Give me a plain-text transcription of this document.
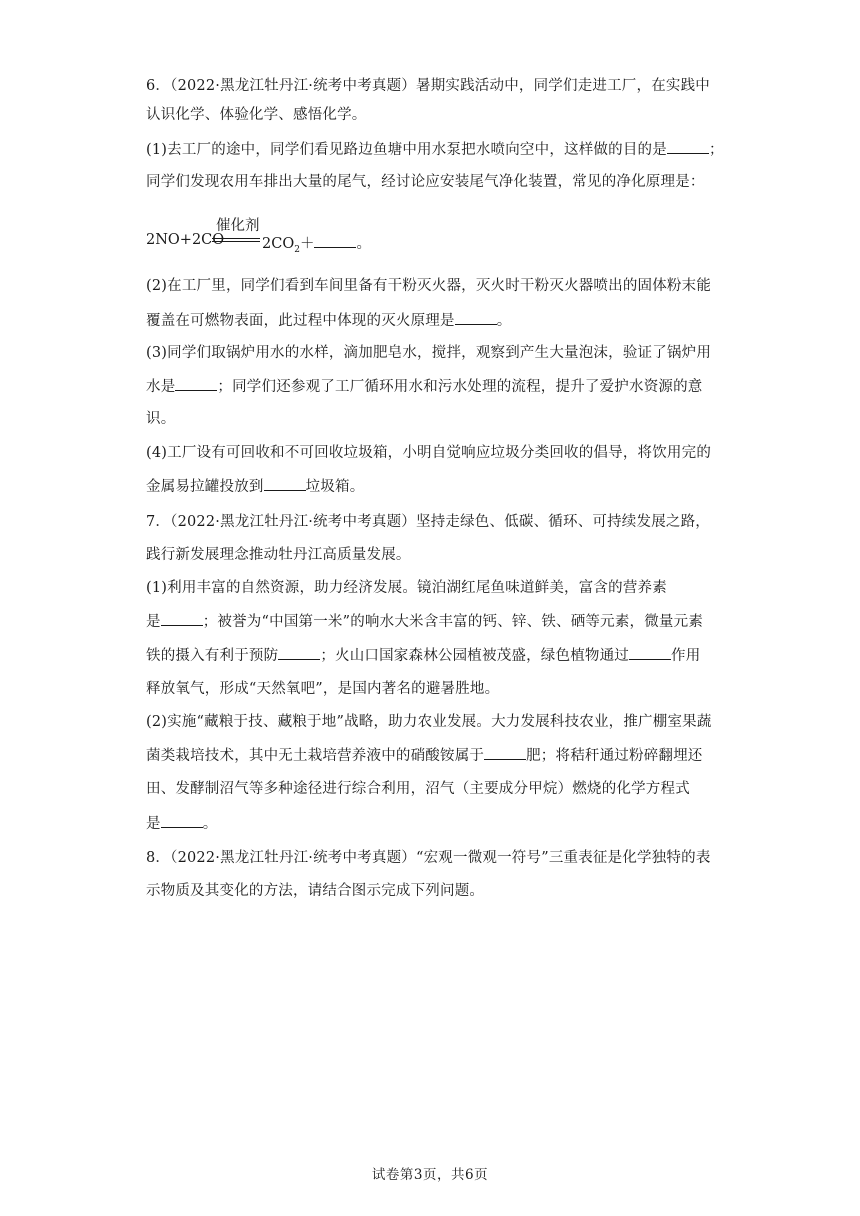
6．（2022·黑龙江牡丹江·统考中考真题）暑期实践活动中，同学们走进工厂，在实践中
认识化学、体验化学、感悟化学。
(1)去工厂的途中，同学们看见路边鱼塘中用水泵把水喷向空中，这样做的目的是	；
同学们发现农用车排出大量的尾气，经讨论应安装尾气净化装置，常见的净化原理是：
2NO+2CO
催化剂
$2CO_2+$	。
(2)在工厂里，同学们看到车间里备有干粉灭火器，灭火时干粉灭火器喷出的固体粉末能
覆盖在可燃物表面，此过程中体现的灭火原理是	。
(3)同学们取锅炉用水的水样，滴加肥皂水，搅拌，观察到产生大量泡沫，验证了锅炉用
水是	；同学们还参观了工厂循环用水和污水处理的流程，提升了爱护水资源的意
识。
(4)工厂设有可回收和不可回收垃圾箱，小明自觉响应垃圾分类回收的倡导，将饮用完的
金属易拉罐投放到	垃圾箱。
7．（2022·黑龙江牡丹江·统考中考真题）坚持走绿色、低碳、循环、可持续发展之路，
践行新发展理念推动牡丹江高质量发展。
(1)利用丰富的自然资源，助力经济发展。镜泊湖红尾鱼味道鲜美，富含的营养素
是	；被誉为“中国第一米”的响水大米含丰富的钙、锌、铁、硒等元素，微量元素
铁的摄入有利于预防	；火山口国家森林公园植被茂盛，绿色植物通过	作用
释放氧气，形成“天然氧吧”，是国内著名的避暑胜地。
(2)实施“藏粮于技、藏粮于地”战略，助力农业发展。大力发展科技农业，推广棚室果蔬
菌类栽培技术，其中无土栽培营养液中的硝酸铵属于	肥；将秸秆通过粉碎翻埋还
田、发酵制沼气等多种途径进行综合利用，沼气（主要成分甲烷）燃烧的化学方程式
是	。
8．（2022·黑龙江牡丹江·统考中考真题）“宏观一微观一符号”三重表征是化学独特的表
示物质及其变化的方法，请结合图示完成下列问题。
试卷第3页，共6页
